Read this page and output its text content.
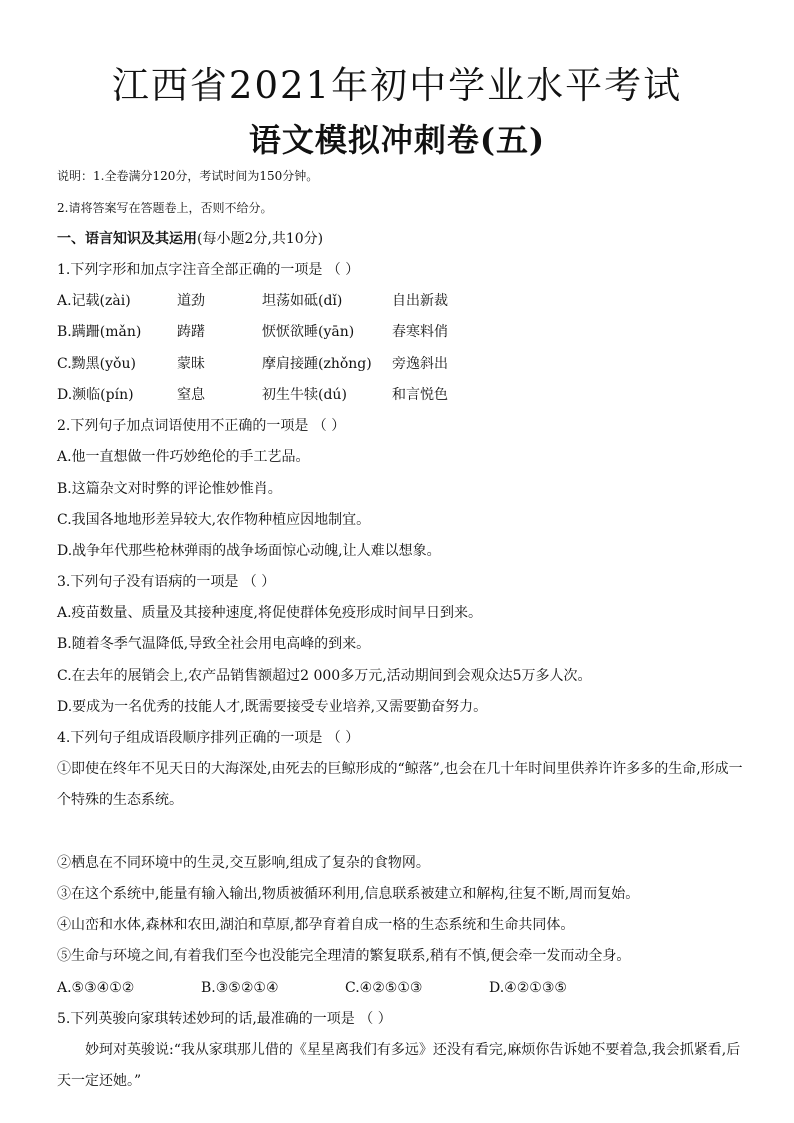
江西省2021年初中学业水平考试
语文模拟冲刺卷(五)
说明：1.全卷满分120分，考试时间为150分钟。
2.请将答案写在答题卷上，否则不给分。
一、语言知识及其运用(每小题2分,共10分)
1.下列字形和加点字注音全部正确的一项是 （ ）
A.记载(zài)	道劲	坦荡如砥(dǐ)	自出新裁
B.蹒跚(mǎn)	踌躇	恹恹欲睡(yān)	春寒料俏
C.黝黑(yǒu)	蒙昧	摩肩接踵(zhǒng) 旁逸斜出
D.濒临(pín)	窒息	初生牛犊(dú)	和言悦色
2.下列句子加点词语使用不正确的一项是 （ ）
A.他一直想做一件巧妙绝伦的手工艺品。
B.这篇杂文对时弊的评论惟妙惟肖。
C.我国各地地形差异较大,农作物种植应因地制宜。
D.战争年代那些枪林弹雨的战争场面惊心动魄,让人难以想象。
3.下列句子没有语病的一项是 （ ）
A.疫苗数量、质量及其接种速度,将促使群体免疫形成时间早日到来。
B.随着冬季气温降低,导致全社会用电高峰的到来。
C.在去年的展销会上,农产品销售额超过2 000多万元,活动期间到会观众达5万多人次。
D.要成为一名优秀的技能人才,既需要接受专业培养,又需要勤奋努力。
4.下列句子组成语段顺序排列正确的一项是 （ ）
①即使在终年不见天日的大海深处,由死去的巨鲸形成的“鲸落”,也会在几十年时间里供养许许多多的生命,形成一个特殊的生态系统。
②栖息在不同环境中的生灵,交互影响,组成了复杂的食物网。
③在这个系统中,能量有输入输出,物质被循环利用,信息联系被建立和解构,往复不断,周而复始。
④山峦和水体,森林和农田,湖泊和草原,都孕育着自成一格的生态系统和生命共同体。
⑤生命与环境之间,有着我们至今也没能完全理清的繁复联系,稍有不慎,便会牵一发而动全身。
A.⑤③④①②	B.③⑤②①④	C.④②⑤①③	D.④②①③⑤
5.下列英骏向家琪转述妙珂的话,最准确的一项是 （ ）
妙珂对英骏说:“我从家琪那儿借的《星星离我们有多远》还没有看完,麻烦你告诉她不要着急,我会抓紧看,后天一定还她。”
